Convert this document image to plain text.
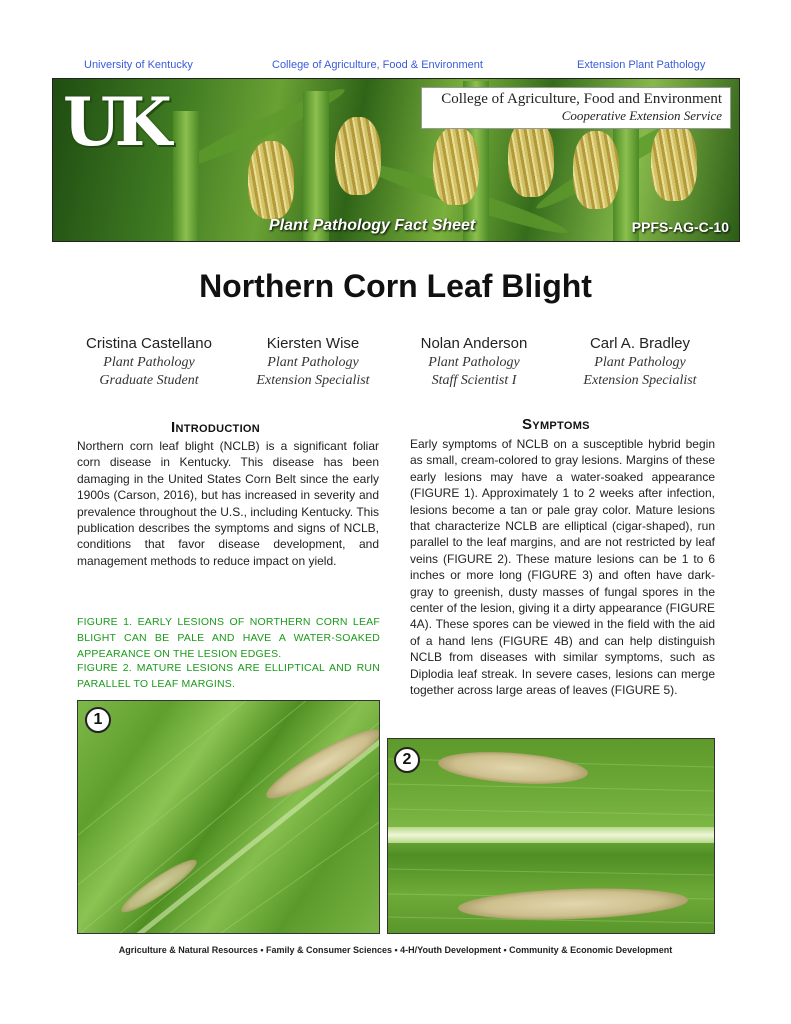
University of Kentucky	College of Agriculture, Food & Environment	Extension Plant Pathology
UK	College of Agriculture, Food and Environment
Cooperative Extension Service
Plant Pathology Fact Sheet	PPFS-AG-C-10
Northern Corn Leaf Blight
Cristina Castellano
Plant Pathology
Graduate Student
Kiersten Wise
Plant Pathology
Extension Specialist
Nolan Anderson
Plant Pathology
Staff Scientist I
Carl A. Bradley
Plant Pathology
Extension Specialist
Introduction
Northern corn leaf blight (NCLB) is a significant foliar corn disease in Kentucky. This disease has been damaging in the United States Corn Belt since the early 1900s (Carson, 2016), but has increased in severity and prevalence throughout the U.S., including Kentucky. This publication describes the symptoms and signs of NCLB, conditions that favor disease development, and management methods to reduce impact on yield.
FIGURE 1. EARLY LESIONS OF NORTHERN CORN LEAF BLIGHT CAN BE PALE AND HAVE A WATER-SOAKED APPEARANCE ON THE LESION EDGES.
FIGURE 2. MATURE LESIONS ARE ELLIPTICAL AND RUN PARALLEL TO LEAF MARGINS.
Symptoms
Early symptoms of NCLB on a susceptible hybrid begin as small, cream-colored to gray lesions. Margins of these early lesions may have a water-soaked appearance (FIGURE 1). Approximately 1 to 2 weeks after infection, lesions become a tan or pale gray color. Mature lesions that characterize NCLB are elliptical (cigar-shaped), run parallel to the leaf margins, and are not restricted by leaf veins (FIGURE 2). These mature lesions can be 1 to 6 inches or more long (FIGURE 3) and often have dark-gray to greenish, dusty masses of fungal spores in the center of the lesion, giving it a dirty appearance (FIGURE 4A). These spores can be viewed in the field with the aid of a hand lens (FIGURE 4B) and can help distinguish NCLB from diseases with similar symptoms, such as Diplodia leaf streak. In severe cases, lesions can merge together across large areas of leaves (FIGURE 5).
1
2
Agriculture & Natural Resources • Family & Consumer Sciences • 4-H/Youth Development • Community & Economic Development
